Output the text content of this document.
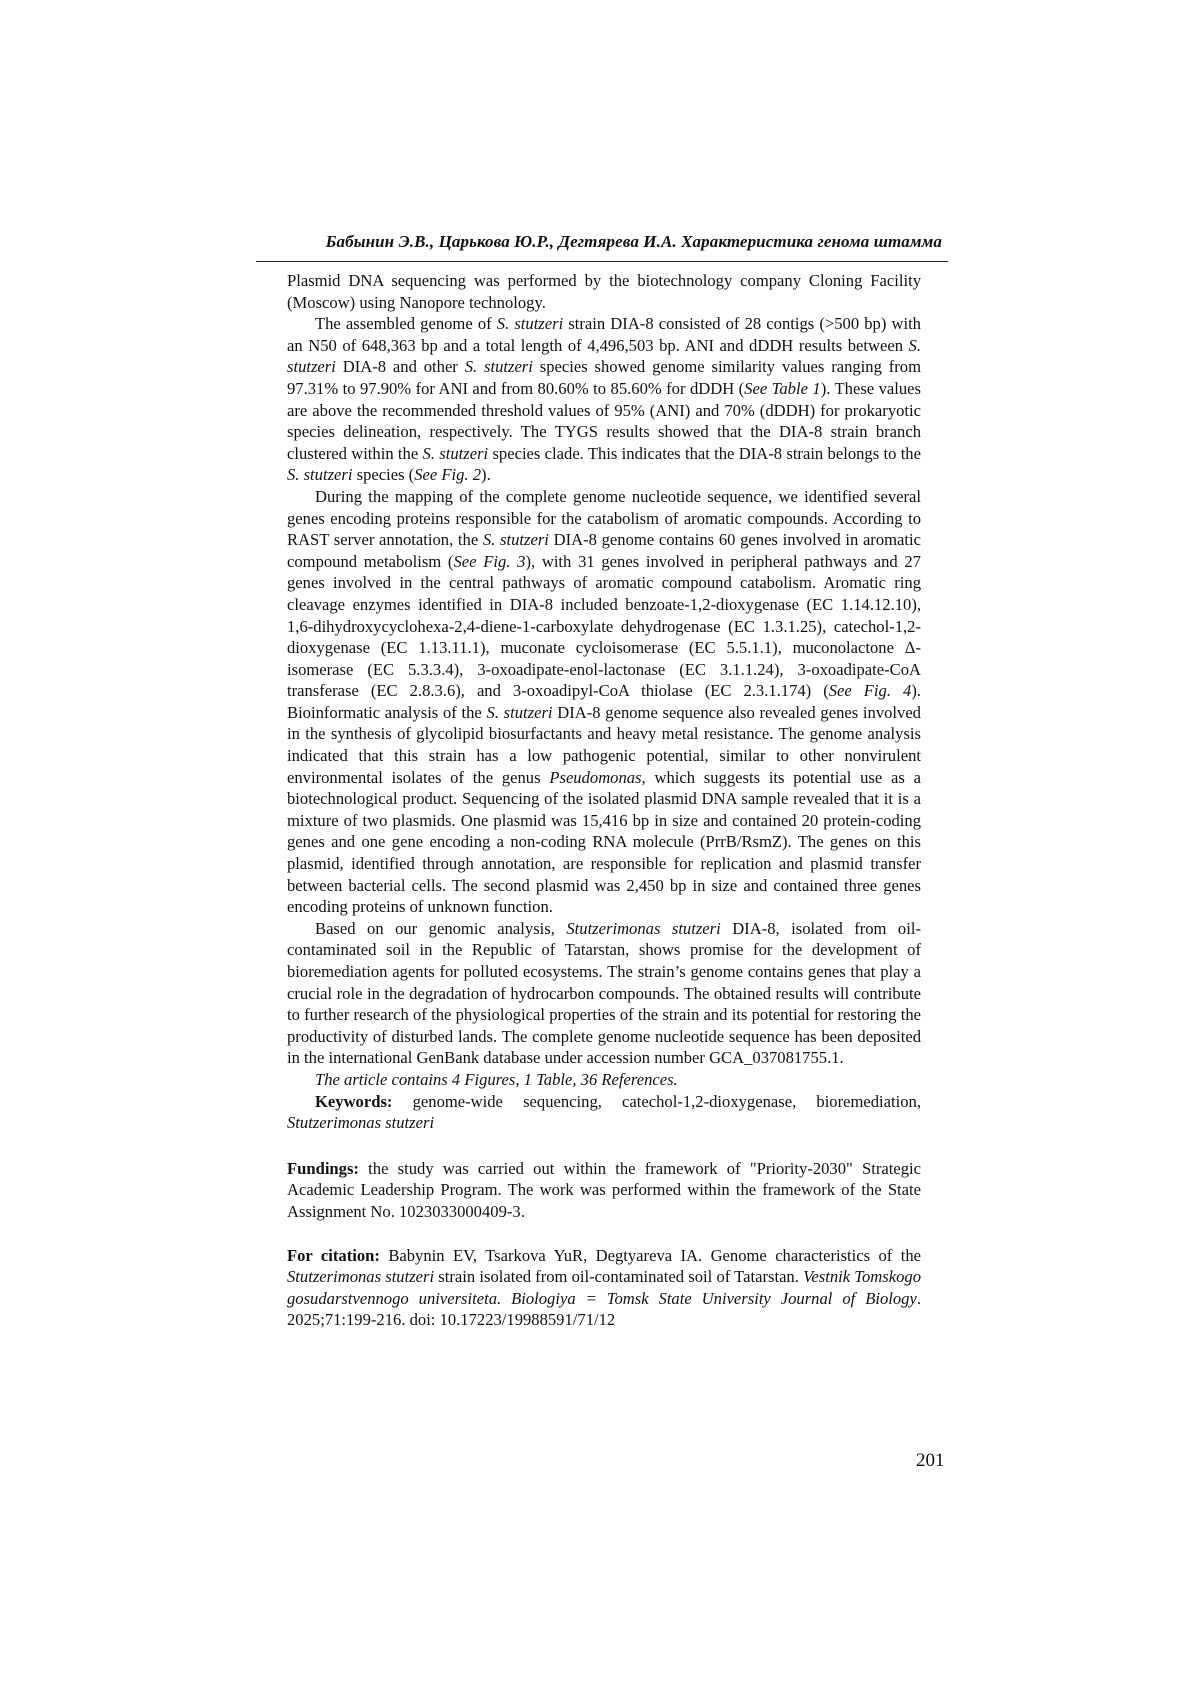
Бабынин Э.В., Царькова Ю.Р., Дегтярева И.А. Характеристика генома штамма

Plasmid DNA sequencing was performed by the biotechnology company Cloning Facility (Moscow) using Nanopore technology.

The assembled genome of S. stutzeri strain DIA-8 consisted of 28 contigs (>500 bp) with an N50 of 648,363 bp and a total length of 4,496,503 bp. ANI and dDDH results between S. stutzeri DIA-8 and other S. stutzeri species showed genome similarity values ranging from 97.31% to 97.90% for ANI and from 80.60% to 85.60% for dDDH (See Table 1). These values are above the recommended threshold values of 95% (ANI) and 70% (dDDH) for prokaryotic species delineation, respectively. The TYGS results showed that the DIA-8 strain branch clustered within the S. stutzeri species clade. This indicates that the DIA-8 strain belongs to the S. stutzeri species (See Fig. 2).

During the mapping of the complete genome nucleotide sequence, we identified several genes encoding proteins responsible for the catabolism of aromatic compounds. According to RAST server annotation, the S. stutzeri DIA-8 genome contains 60 genes involved in aromatic compound metabolism (See Fig. 3), with 31 genes involved in peripheral pathways and 27 genes involved in the central pathways of aromatic compound catabolism. Aromatic ring cleavage enzymes identified in DIA-8 included benzoate-1,2-dioxygenase (EC 1.14.12.10), 1,6-dihydroxycyclohexa-2,4-diene-1-carboxylate dehydrogenase (EC 1.3.1.25), catechol-1,2-dioxygenase (EC 1.13.11.1), muconate cycloisomerase (EC 5.5.1.1), muconolactone Δ-isomerase (EC 5.3.3.4), 3-oxoadipate-enol-lactonase (EC 3.1.1.24), 3-oxoadipate-CoA transferase (EC 2.8.3.6), and 3-oxoadipyl-CoA thiolase (EC 2.3.1.174) (See Fig. 4). Bioinformatic analysis of the S. stutzeri DIA-8 genome sequence also revealed genes involved in the synthesis of glycolipid biosurfactants and heavy metal resistance. The genome analysis indicated that this strain has a low pathogenic potential, similar to other nonvirulent environmental isolates of the genus Pseudomonas, which suggests its potential use as a biotechnological product. Sequencing of the isolated plasmid DNA sample revealed that it is a mixture of two plasmids. One plasmid was 15,416 bp in size and contained 20 protein-coding genes and one gene encoding a non-coding RNA molecule (PrrB/RsmZ). The genes on this plasmid, identified through annotation, are responsible for replication and plasmid transfer between bacterial cells. The second plasmid was 2,450 bp in size and contained three genes encoding proteins of unknown function.

Based on our genomic analysis, Stutzerimonas stutzeri DIA-8, isolated from oil-contaminated soil in the Republic of Tatarstan, shows promise for the development of bioremediation agents for polluted ecosystems. The strain’s genome contains genes that play a crucial role in the degradation of hydrocarbon compounds. The obtained results will contribute to further research of the physiological properties of the strain and its potential for restoring the productivity of disturbed lands. The complete genome nucleotide sequence has been deposited in the international GenBank database under accession number GCA_037081755.1.

The article contains 4 Figures, 1 Table, 36 References.

Keywords: genome-wide sequencing, catechol-1,2-dioxygenase, bioremediation, Stutzerimonas stutzeri

Fundings: the study was carried out within the framework of "Priority-2030" Strategic Academic Leadership Program. The work was performed within the framework of the State Assignment No. 1023033000409-3.

For citation: Babynin EV, Tsarkova YuR, Degtyareva IA. Genome characteristics of the Stutzerimonas stutzeri strain isolated from oil-contaminated soil of Tatarstan. Vestnik Tomskogo gosudarstvennogo universiteta. Biologiya = Tomsk State University Journal of Biology. 2025;71:199-216. doi: 10.17223/19988591/71/12

201
